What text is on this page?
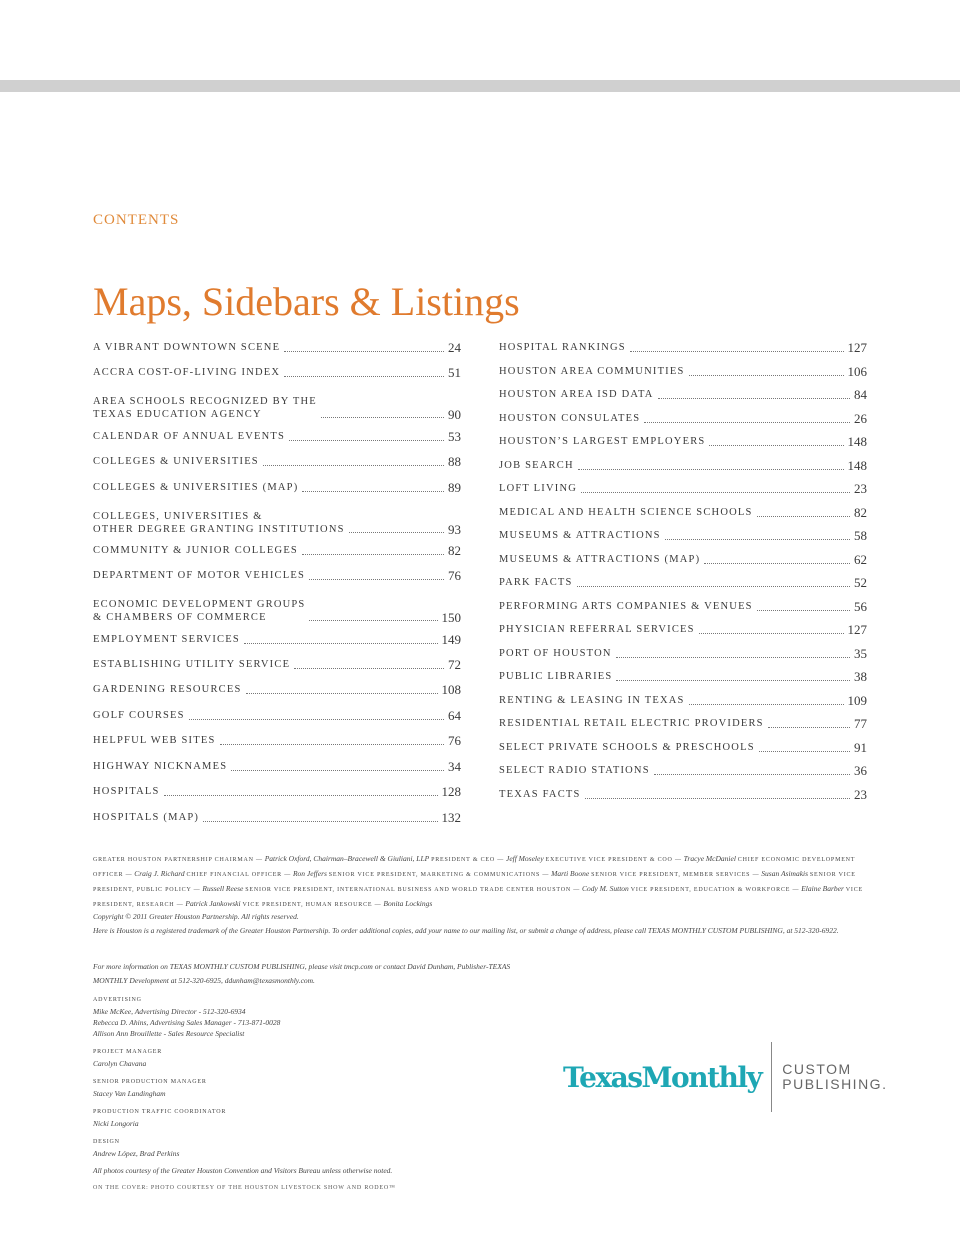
CONTENTS
Maps, Sidebars & Listings
A VIBRANT DOWNTOWN SCENE	24
ACCRA COST-OF-LIVING INDEX	51
AREA SCHOOLS RECOGNIZED BY THE
TEXAS EDUCATION AGENCY	90
CALENDAR OF ANNUAL EVENTS	53
COLLEGES & UNIVERSITIES	88
COLLEGES & UNIVERSITIES (MAP)	89
COLLEGES, UNIVERSITIES &
OTHER DEGREE GRANTING INSTITUTIONS	93
COMMUNITY & JUNIOR COLLEGES	82
DEPARTMENT OF MOTOR VEHICLES	76
ECONOMIC DEVELOPMENT GROUPS
& CHAMBERS OF COMMERCE	150
EMPLOYMENT SERVICES	149
ESTABLISHING UTILITY SERVICE	72
GARDENING RESOURCES	108
GOLF COURSES	64
HELPFUL WEB SITES	76
HIGHWAY NICKNAMES	34
HOSPITALS	128
HOSPITALS (MAP)	132
HOSPITAL RANKINGS	127
HOUSTON AREA COMMUNITIES	106
HOUSTON AREA ISD DATA	84
HOUSTON CONSULATES	26
HOUSTON’S LARGEST EMPLOYERS	148
JOB SEARCH	148
LOFT LIVING	23
MEDICAL AND HEALTH SCIENCE SCHOOLS	82
MUSEUMS & ATTRACTIONS	58
MUSEUMS & ATTRACTIONS (MAP)	62
PARK FACTS	52
PERFORMING ARTS COMPANIES & VENUES	56
PHYSICIAN REFERRAL SERVICES	127
PORT OF HOUSTON	35
PUBLIC LIBRARIES	38
RENTING & LEASING IN TEXAS	109
RESIDENTIAL RETAIL ELECTRIC PROVIDERS	77
SELECT PRIVATE SCHOOLS & PRESCHOOLS	91
SELECT RADIO STATIONS	36
TEXAS FACTS	23
GREATER HOUSTON PARTNERSHIP CHAIRMAN — Patrick Oxford, Chairman–Bracewell & Giuliani, LLP PRESIDENT & CEO — Jeff Moseley EXECUTIVE VICE PRESIDENT & COO — Tracye McDaniel CHIEF ECONOMIC DEVELOPMENT OFFICER — Craig J. Richard CHIEF FINANCIAL OFFICER — Ron Jeffers SENIOR VICE PRESIDENT, MARKETING & COMMUNICATIONS — Marti Boone SENIOR VICE PRESIDENT, MEMBER SERVICES — Susan Asimakis SENIOR VICE PRESIDENT, PUBLIC POLICY — Russell Reese SENIOR VICE PRESIDENT, INTERNATIONAL BUSINESS AND WORLD TRADE CENTER HOUSTON — Cody M. Sutton VICE PRESIDENT, EDUCATION & WORKFORCE — Elaine Barber VICE PRESIDENT, RESEARCH — Patrick Jankowski VICE PRESIDENT, HUMAN RESOURCE — Bonita Lockings
Copyright © 2011 Greater Houston Partnership. All rights reserved.
Here is Houston is a registered trademark of the Greater Houston Partnership. To order additional copies, add your name to our mailing list, or submit a change of address, please call TEXAS MONTHLY CUSTOM PUBLISHING, at 512-320-6922.
For more information on TEXAS MONTHLY CUSTOM PUBLISHING, please visit tmcp.com or contact David Dunham, Publisher-TEXAS MONTHLY Development at 512-320-6925, ddunham@texasmonthly.com.
ADVERTISING
Mike McKee, Advertising Director - 512-320-6934
Rebecca D. Ahins, Advertising Sales Manager - 713-871-0028
Allison Ann Brouillette - Sales Resource Specialist
PROJECT MANAGER
Carolyn Chavana
SENIOR PRODUCTION MANAGER
Stacey Van Landingham
PRODUCTION TRAFFIC COORDINATOR
Nicki Longoria
DESIGN
Andrew López, Brad Perkins
All photos courtesy of the Greater Houston Convention and Visitors Bureau unless otherwise noted.
ON THE COVER: PHOTO COURTESY OF THE HOUSTON LIVESTOCK SHOW AND RODEO™
TexasMonthly CUSTOM
PUBLISHING.
